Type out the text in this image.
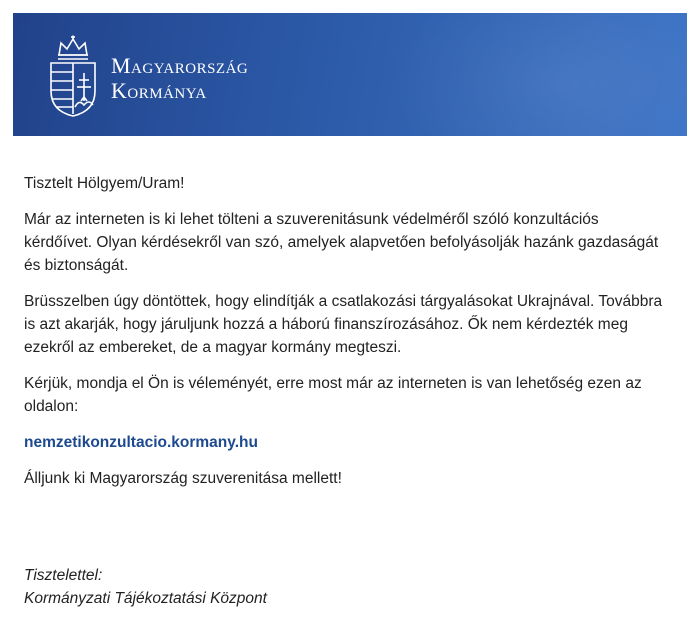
Magyarország
Kormánya

Tisztelt Hölgyem/Uram!

Már az interneten is ki lehet tölteni a szuverenitásunk védelméről szóló konzultációs kérdőívet. Olyan kérdésekről van szó, amelyek alapvetően befolyásolják hazánk gazdaságát és biztonságát.

Brüsszelben úgy döntöttek, hogy elindítják a csatlakozási tárgyalásokat Ukrajnával. Továbbra is azt akarják, hogy járuljunk hozzá a háború finanszírozásához. Ők nem kérdezték meg ezekről az embereket, de a magyar kormány megteszi.

Kérjük, mondja el Ön is véleményét, erre most már az interneten is van lehetőség ezen az oldalon:

nemzetikonzultacio.kormany.hu

Álljunk ki Magyarország szuverenitása mellett!

Tisztelettel:
Kormányzati Tájékoztatási Központ
